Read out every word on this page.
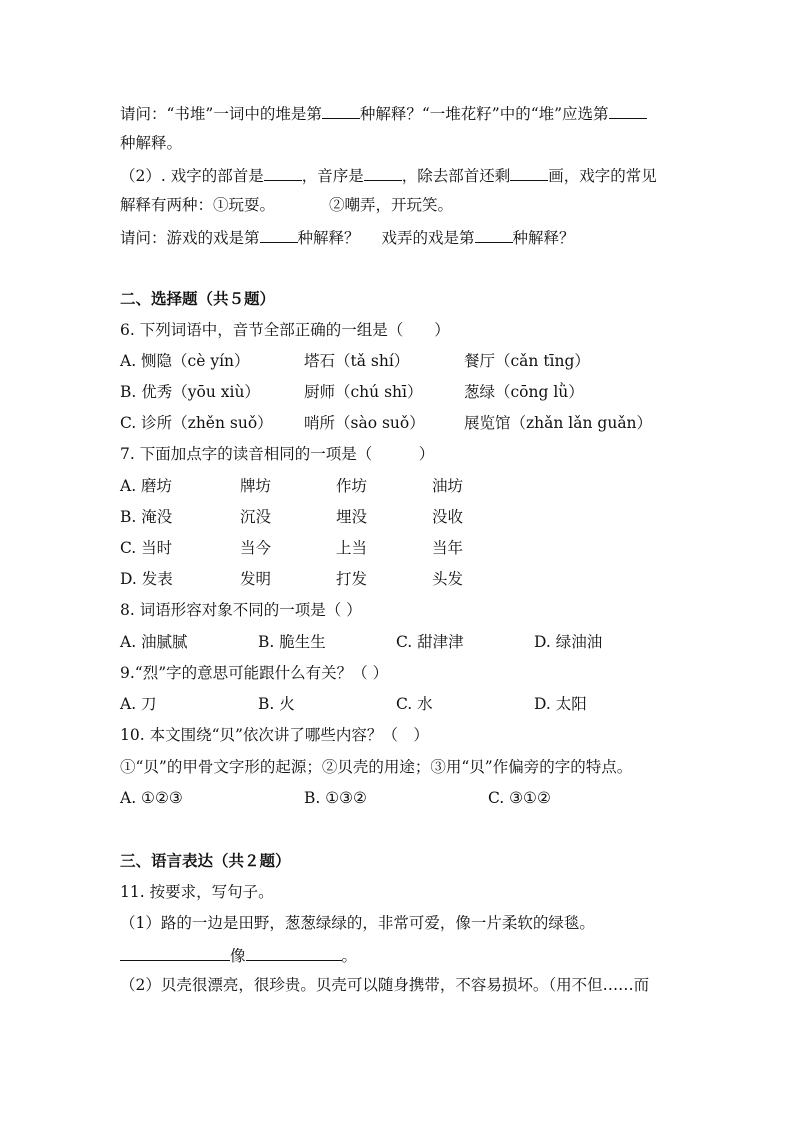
请问：“书堆”一词中的堆是第 种解释？“一堆花籽”中的“堆”应选第
种解释。
（2）. 戏字的部首是 ，音序是 ，除去部首还剩 画，戏字的常见
解释有两种：①玩耍。	②嘲弄，开玩笑。
请问：游戏的戏是第 种解释？ 戏弄的戏是第 种解释？
二、选择题（共５题）
6. 下列词语中，音节全部正确的一组是（　　）
A. 恻隐（cè yín）	塔石（tǎ shí）	餐厅（cǎn tīng）
B. 优秀（yōu xiù）	厨师（chú shī）	葱绿（cōng lǜ）
C. 诊所（zhěn suǒ） 哨所（sào suǒ）	展览馆（zhǎn lǎn guǎn）
7. 下面加点字的读音相同的一项是（　　　）
A. 磨坊	牌坊	作坊	油坊
B. 淹没	沉没	埋没	没收
C. 当时	当今	上当	当年
D. 发表	发明	打发	头发
8. 词语形容对象不同的一项是（ ）
A. 油腻腻	B. 脆生生	C. 甜津津	D. 绿油油
9.“烈”字的意思可能跟什么有关？（ ）
A. 刀	B. 火	C. 水	D. 太阳
10. 本文围绕“贝”依次讲了哪些内容？（　）
①“贝”的甲骨文字形的起源；②贝壳的用途；③用“贝”作偏旁的字的特点。
A. ①②③	B. ①③②	C. ③①②
三、语言表达（共２题）
11. 按要求，写句子。
（1）路的一边是田野，葱葱绿绿的，非常可爱，像一片柔软的绿毯。
像	。
（2）贝壳很漂亮，很珍贵。贝壳可以随身携带，不容易损坏。（用不但……而
